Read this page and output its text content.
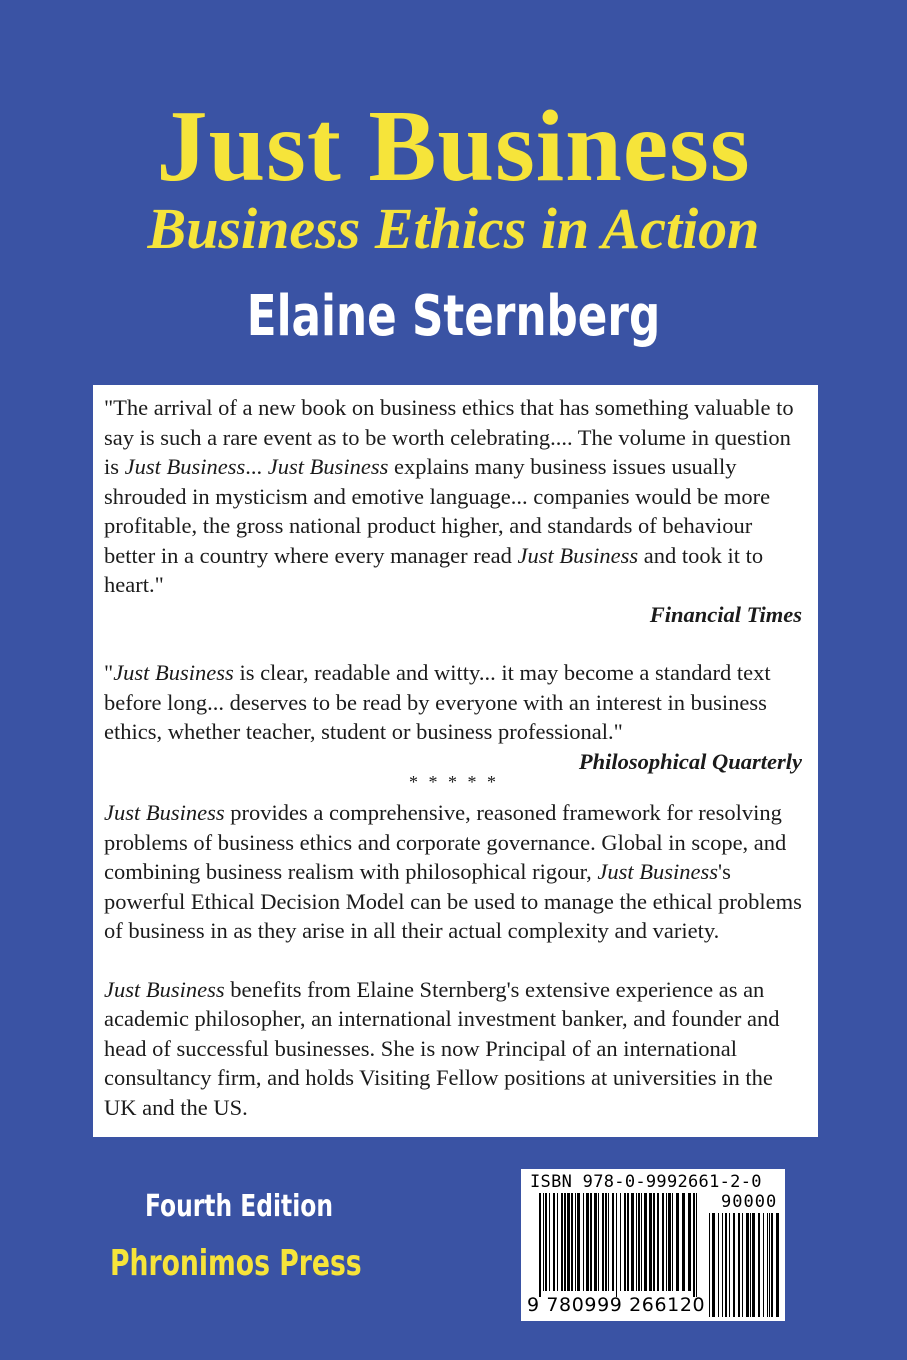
Just Business
Business Ethics in Action
Elaine Sternberg

"The arrival of a new book on business ethics that has something valuable to say is such a rare event as to be worth celebrating.... The volume in question is Just Business... Just Business explains many business issues usually shrouded in mysticism and emotive language... companies would be more profitable, the gross national product higher, and standards of behaviour better in a country where every manager read Just Business and took it to heart."

Financial Times

"Just Business is clear, readable and witty... it may become a standard text before long... deserves to be read by everyone with an interest in business ethics, whether teacher, student or business professional."

Philosophical Quarterly

* * * * *

Just Business provides a comprehensive, reasoned framework for resolving problems of business ethics and corporate governance. Global in scope, and combining business realism with philosophical rigour, Just Business's powerful Ethical Decision Model can be used to manage the ethical problems of business in as they arise in all their actual complexity and variety.

Just Business benefits from Elaine Sternberg's extensive experience as an academic philosopher, an international investment banker, and founder and head of successful businesses. She is now Principal of an international consultancy firm, and holds Visiting Fellow positions at universities in the UK and the US.

Fourth Edition
Phronimos Press
ISBN 978-0-9992661-2-0
90000
9 780999 266120
